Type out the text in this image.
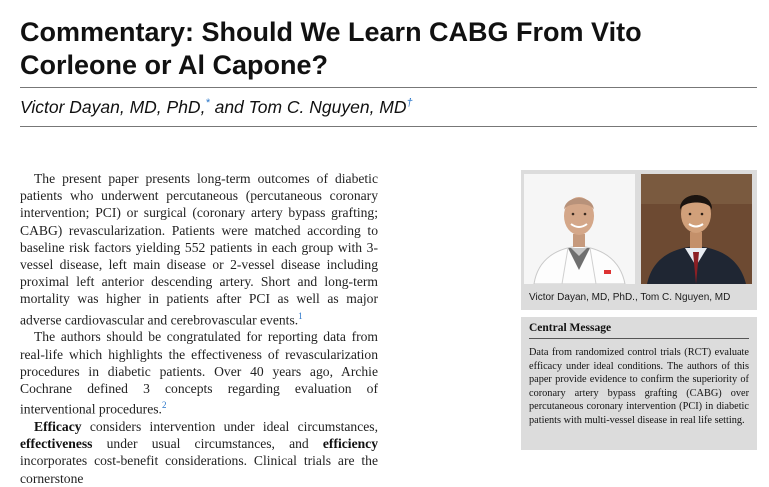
Commentary: Should We Learn CABG From Vito Corleone or Al Capone?
Victor Dayan, MD, PhD,* and Tom C. Nguyen, MD†

The present paper presents long-term outcomes of diabetic patients who underwent percutaneous (percutaneous coronary intervention; PCI) or surgical (coronary artery bypass grafting; CABG) revascularization. Patients were matched according to baseline risk factors yielding 552 patients in each group with 3-vessel disease, left main disease or 2-vessel disease including proximal left anterior descending artery. Short and long-term mortality was higher in patients after PCI as well as major adverse cardiovascular and cerebrovascular events.$^1$

The authors should be congratulated for reporting data from real-life which highlights the effectiveness of revascularization procedures in diabetic patients. Over 40 years ago, Archie Cochrane defined 3 concepts regarding evaluation of interventional procedures.$^2$

Efficacy considers intervention under ideal circumstances, effectiveness under usual circumstances, and efficiency incorporates cost-benefit considerations. Clinical trials are the cornerstone

Victor Dayan, MD, PhD., Tom C. Nguyen, MD
Central Message

Data from randomized control trials (RCT) evaluate efficacy under ideal conditions. The authors of this paper provide evidence to confirm the superiority of coronary artery bypass grafting (CABG) over percutaneous coronary intervention (PCI) in diabetic patients with multi-vessel disease in real life setting.
